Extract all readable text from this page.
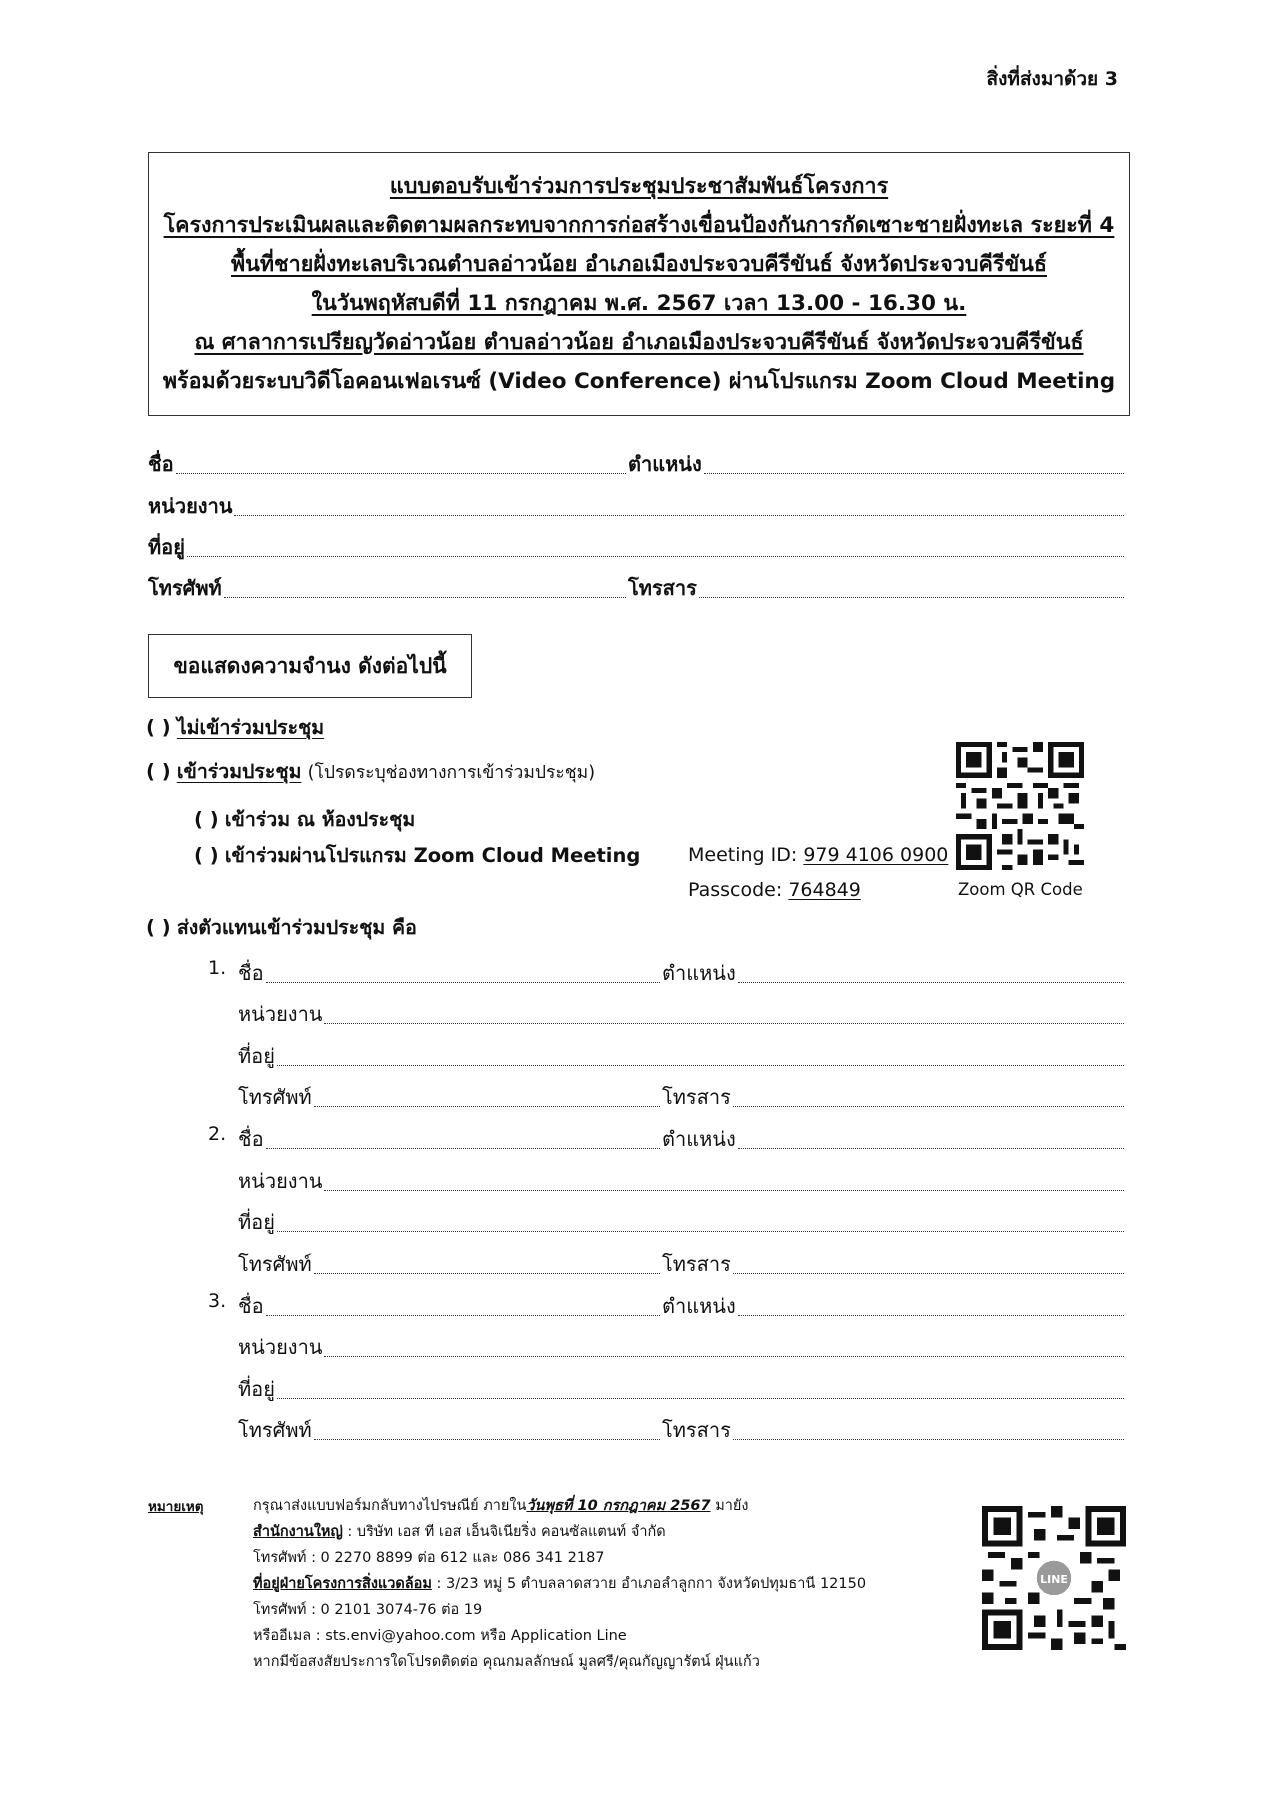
สิ่งที่ส่งมาด้วย 3
แบบตอบรับเข้าร่วมการประชุมประชาสัมพันธ์โครงการ
โครงการประเมินผลและติดตามผลกระทบจากการก่อสร้างเขื่อนป้องกันการกัดเซาะชายฝั่งทะเล ระยะที่ 4
พื้นที่ชายฝั่งทะเลบริเวณตำบลอ่าวน้อย อำเภอเมืองประจวบคีรีขันธ์ จังหวัดประจวบคีรีขันธ์
ในวันพฤหัสบดีที่ 11 กรกฎาคม พ.ศ. 2567 เวลา 13.00 - 16.30 น.
ณ ศาลาการเปรียญวัดอ่าวน้อย ตำบลอ่าวน้อย อำเภอเมืองประจวบคีรีขันธ์ จังหวัดประจวบคีรีขันธ์
พร้อมด้วยระบบวิดีโอคอนเฟอเรนซ์ (Video Conference) ผ่านโปรแกรม Zoom Cloud Meeting
ชื่อ	ตำแหน่ง
หน่วยงาน
ที่อยู่
โทรศัพท์	โทรสาร
ขอแสดงความจำนง ดังต่อไปนี้
( ) ไม่เข้าร่วมประชุม
( ) เข้าร่วมประชุม (โปรดระบุช่องทางการเข้าร่วมประชุม)
( ) เข้าร่วม ณ ห้องประชุม
( ) เข้าร่วมผ่านโปรแกรม Zoom Cloud Meeting	Meeting ID: 979 4106 0900
Passcode: 764849	Zoom QR Code
( ) ส่งตัวแทนเข้าร่วมประชุม คือ
1. ชื่อ	ตำแหน่ง
หน่วยงาน
ที่อยู่
โทรศัพท์	โทรสาร
2. ชื่อ	ตำแหน่ง
หน่วยงาน
ที่อยู่
โทรศัพท์	โทรสาร
3. ชื่อ	ตำแหน่ง
หน่วยงาน
ที่อยู่
โทรศัพท์	โทรสาร
หมายเหตุ	กรุณาส่งแบบฟอร์มกลับทางไปรษณีย์ ภายในวันพุธที่ 10 กรกฎาคม 2567 มายัง
สำนักงานใหญ่ : บริษัท เอส ที เอส เอ็นจิเนียริ่ง คอนซัลแตนท์ จำกัด
โทรศัพท์ : 0 2270 8899 ต่อ 612 และ 086 341 2187
ที่อยู่ฝ่ายโครงการสิ่งแวดล้อม : 3/23 หมู่ 5 ตำบลลาดสวาย อำเภอลำลูกกา จังหวัดปทุมธานี 12150
โทรศัพท์ : 0 2101 3074-76 ต่อ 19
หรืออีเมล : sts.envi@yahoo.com หรือ Application Line
หากมีข้อสงสัยประการใดโปรดติดต่อ คุณกมลลักษณ์ มูลศรี/คุณกัญญารัตน์ ฝุ่นแก้ว
LINE
